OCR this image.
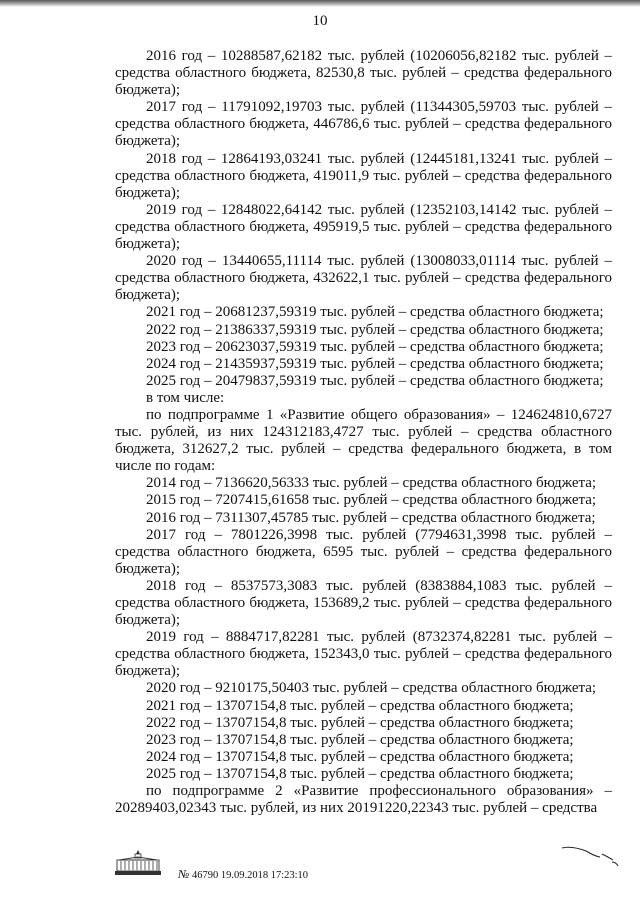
10

2016 год – 10288587,62182 тыс. рублей (10206056,82182 тыс. рублей – средства областного бюджета, 82530,8 тыс. рублей – средства федерального бюджета);

2017 год – 11791092,19703 тыс. рублей (11344305,59703 тыс. рублей – средства областного бюджета, 446786,6 тыс. рублей – средства федерального бюджета);

2018 год – 12864193,03241 тыс. рублей (12445181,13241 тыс. рублей – средства областного бюджета, 419011,9 тыс. рублей – средства федерального бюджета);

2019 год – 12848022,64142 тыс. рублей (12352103,14142 тыс. рублей – средства областного бюджета, 495919,5 тыс. рублей – средства федерального бюджета);

2020 год – 13440655,11114 тыс. рублей (13008033,01114 тыс. рублей – средства областного бюджета, 432622,1 тыс. рублей – средства федерального бюджета);

2021 год – 20681237,59319 тыс. рублей – средства областного бюджета;

2022 год – 21386337,59319 тыс. рублей – средства областного бюджета;

2023 год – 20623037,59319 тыс. рублей – средства областного бюджета;

2024 год – 21435937,59319 тыс. рублей – средства областного бюджета;

2025 год – 20479837,59319 тыс. рублей – средства областного бюджета;

в том числе:

по подпрограмме 1 «Развитие общего образования» – 124624810,6727 тыс. рублей, из них 124312183,4727 тыс. рублей – средства областного бюджета, 312627,2 тыс. рублей – средства федерального бюджета, в том числе по годам:

2014 год – 7136620,56333 тыс. рублей – средства областного бюджета;

2015 год – 7207415,61658 тыс. рублей – средства областного бюджета;

2016 год – 7311307,45785 тыс. рублей – средства областного бюджета;

2017 год – 7801226,3998 тыс. рублей (7794631,3998 тыс. рублей – средства областного бюджета, 6595 тыс. рублей – средства федерального бюджета);

2018 год – 8537573,3083 тыс. рублей (8383884,1083 тыс. рублей – средства областного бюджета, 153689,2 тыс. рублей – средства федерального бюджета);

2019 год – 8884717,82281 тыс. рублей (8732374,82281 тыс. рублей – средства областного бюджета, 152343,0 тыс. рублей – средства федерального бюджета);

2020 год – 9210175,50403 тыс. рублей – средства областного бюджета;

2021 год – 13707154,8 тыс. рублей – средства областного бюджета;

2022 год – 13707154,8 тыс. рублей – средства областного бюджета;

2023 год – 13707154,8 тыс. рублей – средства областного бюджета;

2024 год – 13707154,8 тыс. рублей – средства областного бюджета;

2025 год – 13707154,8 тыс. рублей – средства областного бюджета;

по подпрограмме 2 «Развитие профессионального образования» – 20289403,02343 тыс. рублей, из них 20191220,22343 тыс. рублей – средства

№ 46790 19.09.2018 17:23:10
